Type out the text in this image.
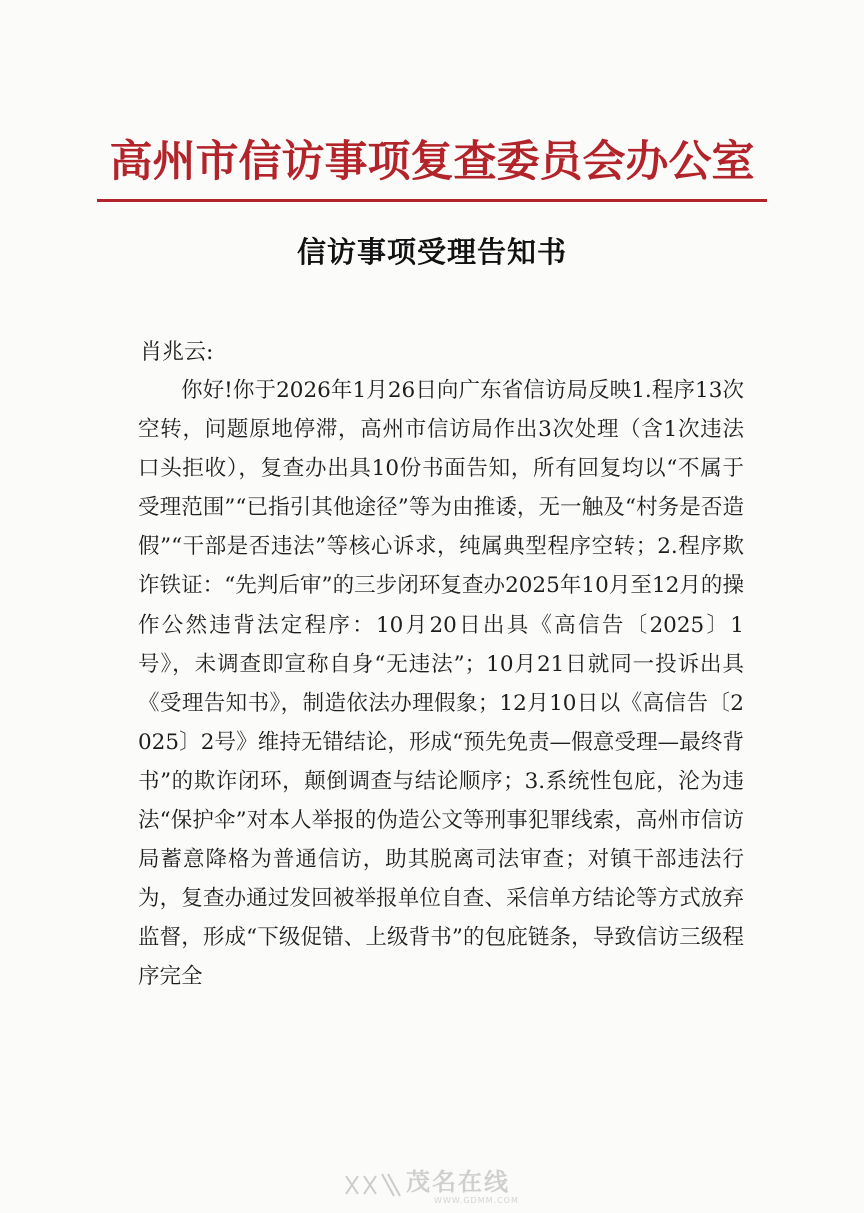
高州市信访事项复查委员会办公室
信访事项受理告知书
肖兆云:

你好!你于2026年1月26日向广东省信访局反映1.程序13次空转，问题原地停滞，高州市信访局作出3次处理（含1次违法口头拒收），复查办出具10份书面告知，所有回复均以“不属于受理范围”“已指引其他途径”等为由推诿，无一触及“村务是否造假”“干部是否违法”等核心诉求，纯属典型程序空转；2.程序欺诈铁证：“先判后审”的三步闭环复查办2025年10月至12月的操作公然违背法定程序：10月20日出具《高信告〔2025〕1号》，未调查即宣称自身“无违法”；10月21日就同一投诉出具《受理告知书》，制造依法办理假象；12月10日以《高信告〔2025〕2号》维持无错结论，形成“预先免责—假意受理—最终背书”的欺诈闭环，颠倒调查与结论顺序；3.系统性包庇，沦为违法“保护伞”对本人举报的伪造公文等刑事犯罪线索，高州市信访局蓄意降格为普通信访，助其脱离司法审查；对镇干部违法行为，复查办通过发回被举报单位自查、采信单方结论等方式放弃监督，形成“下级促错、上级背书”的包庇链条，导致信访三级程序完全

茂名在线
WWW.GDMM.COM
